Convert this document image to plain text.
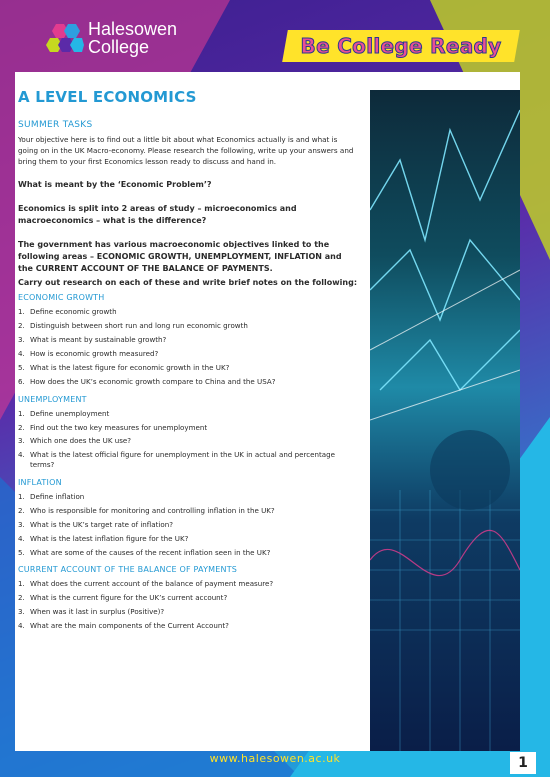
Halesowen
College	Be College Ready
A LEVEL ECONOMICS
SUMMER TASKS

Your objective here is to find out a little bit about what Economics actually is and what is going on in the UK Macro-economy. Please research the following, write up your answers and bring them to your first Economics lesson ready to discuss and hand in.

What is meant by the ‘Economic Problem’?

Economics is split into 2 areas of study – microeconomics and macroeconomics – what is the difference?

The government has various macroeconomic objectives linked to the following areas – ECONOMIC GROWTH, UNEMPLOYMENT, INFLATION and the CURRENT ACCOUNT OF THE BALANCE OF PAYMENTS.

Carry out research on each of these and write brief notes on the following:

ECONOMIC GROWTH
1. Define economic growth
2. Distinguish between short run and long run economic growth
3. What is meant by sustainable growth?
4. How is economic growth measured?
5. What is the latest figure for economic growth in the UK?
6. How does the UK’s economic growth compare to China and the USA?
UNEMPLOYMENT
1. Define unemployment
2. Find out the two key measures for unemployment
3. Which one does the UK use?
4. What is the latest official figure for unemployment in the UK in actual and percentage terms?
INFLATION
1. Define inflation
2. Who is responsible for monitoring and controlling inflation in the UK?
3. What is the UK’s target rate of inflation?
4. What is the latest inflation figure for the UK?
5. What are some of the causes of the recent inflation seen in the UK?
CURRENT ACCOUNT OF THE BALANCE OF PAYMENTS
1. What does the current account of the balance of payment measure?
2. What is the current figure for the UK’s current account?
3. When was it last in surplus (Positive)?
4. What are the main components of the Current Account?
www.halesowen.ac.uk	1
